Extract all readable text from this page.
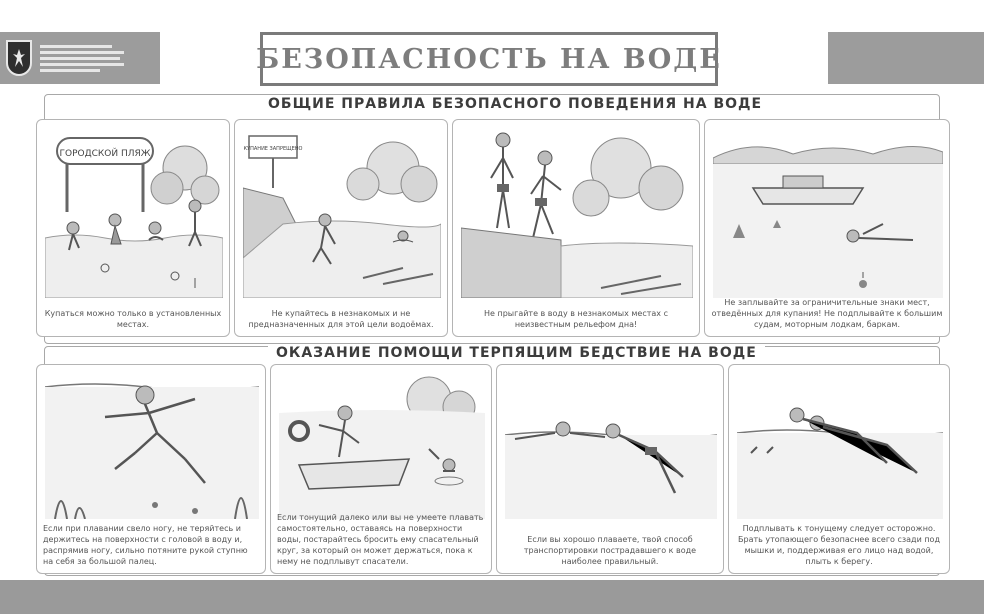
БЕЗОПАСНОСТЬ НА ВОДЕ
ОБЩИЕ ПРАВИЛА БЕЗОПАСНОГО ПОВЕДЕНИЯ НА ВОДЕ
ОКАЗАНИЕ ПОМОЩИ ТЕРПЯЩИМ БЕДСТВИЕ НА ВОДЕ
ГОРОДСКОЙ ПЛЯЖ
Купаться можно только в установленных местах.
КУПАНИЕ ЗАПРЕЩЕНО
Не купайтесь в незнакомых и не предназначенных для этой цели водоёмах.
Не прыгайте в воду в незнакомых местах с неизвестным рельефом дна!
Не заплывайте за ограничительные знаки мест, отведённых для купания! Не подплывайте к большим судам, моторным лодкам, баркам.
Если при плавании свело ногу, не теряйтесь и держитесь на поверхности с головой в воду и, распрямив ногу, сильно потяните рукой ступню на себя за большой палец.
Если тонущий далеко или вы не умеете плавать самостоятельно, оставаясь на поверхности воды, постарайтесь бросить ему спасательный круг, за который он может держаться, пока к нему не подплывут спасатели.
Если вы хорошо плаваете, твой способ транспортировки пострадавшего к воде наиболее правильный.
Подплывать к тонущему следует осторожно. Брать утопающего безопаснее всего сзади под мышки и, поддерживая его лицо над водой, плыть к берегу.
